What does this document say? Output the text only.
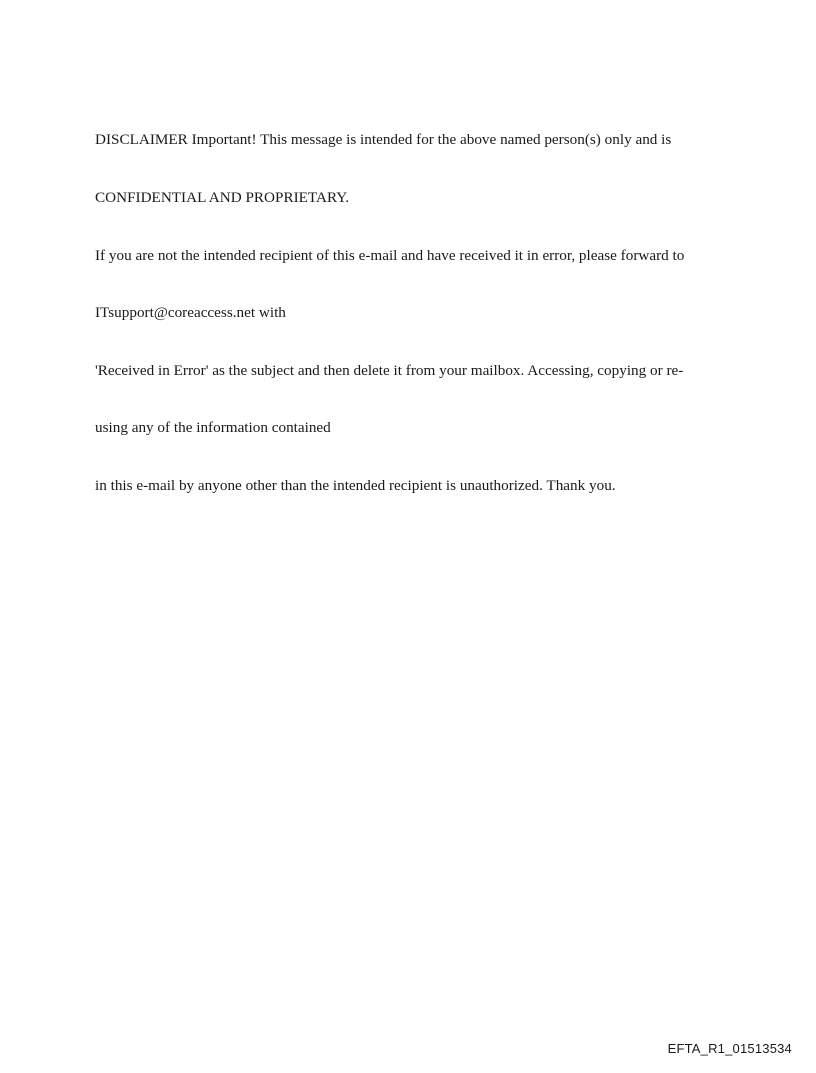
DISCLAIMER Important! This message is intended for the above named person(s) only and is

CONFIDENTIAL AND PROPRIETARY.

If you are not the intended recipient of this e-mail and have received it in error, please forward to

ITsupport@coreaccess.net with

'Received in Error' as the subject and then delete it from your mailbox. Accessing, copying or re-

using any of the information contained

in this e-mail by anyone other than the intended recipient is unauthorized. Thank you.

EFTA_R1_01513534
